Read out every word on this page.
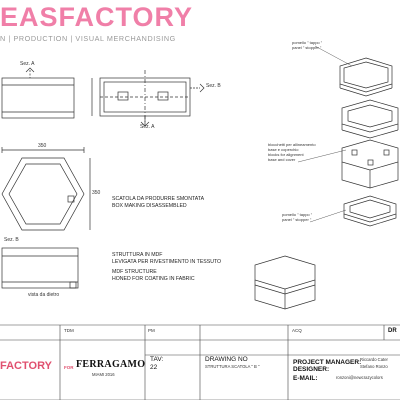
EASFACTORY
N | PRODUCTION | VISUAL MERCHANDISING
Sez. A
Sez. B
Sez. A
Sez. B
350
350
vista da dietro
SCATOLA DA PRODURRE SMONTATA
BOX MAKING DISASSEMBLED
STRUTTURA IN MDF
LEVIGATA PER RIVESTIMENTO IN TESSUTO
MDF STRUCTURE
HONED FOR COATING IN FABRIC
pomello " tappo "
panel " stopper "
blocchetti per allineamento
base e coperchio
blocks for alignment
base and cover
pomello " tappo "
panel " stopper "
TDM	PM	ACQ	DR
FACTORY	FOR FERRAGAMO
MIAMI 2016
TAV:
22
DRAWING NO
STRUTTURA SCATOLA " B "
PROJECT MANAGER:
DESIGNER:
E-MAIL:
Riccardo Cater
Stefano Ronzo
ronzoni@newcrazycolors
